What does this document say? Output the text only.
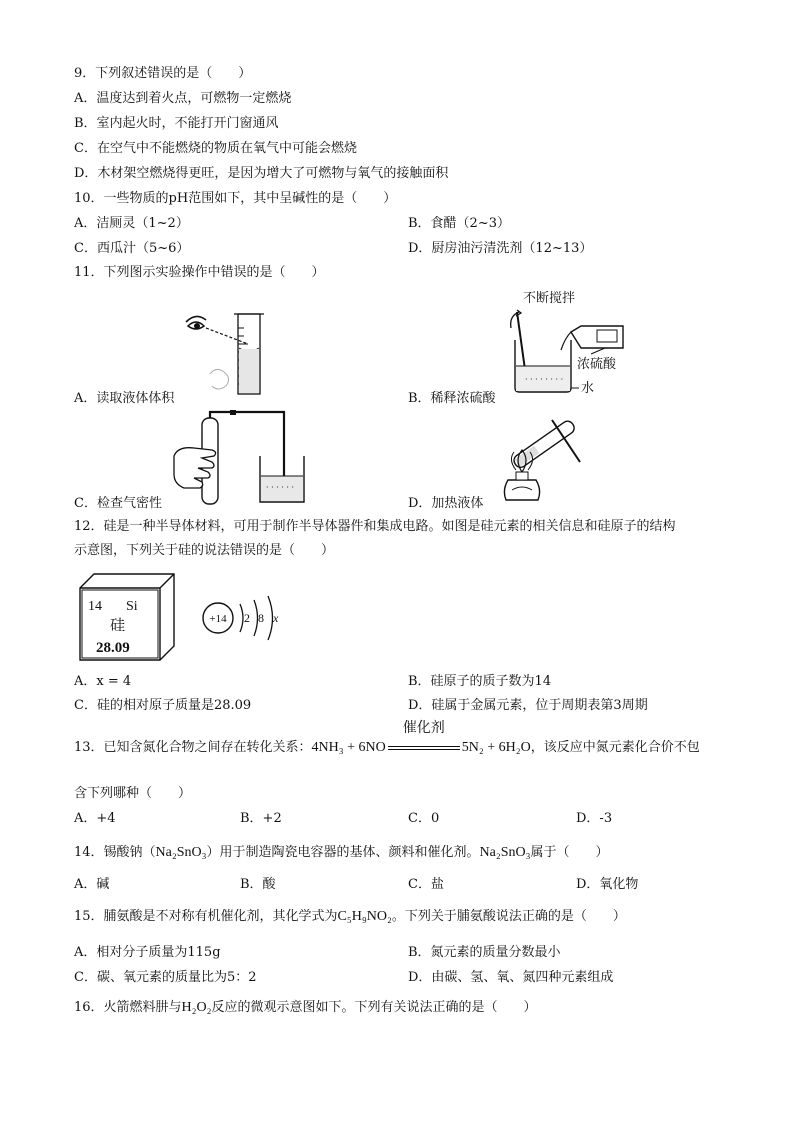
9．下列叙述错误的是（　　）
A．温度达到着火点，可燃物一定燃烧
B．室内起火时，不能打开门窗通风
C．在空气中不能燃烧的物质在氧气中可能会燃烧
D．木材架空燃烧得更旺，是因为增大了可燃物与氧气的接触面积
10．一些物质的pH范围如下，其中呈碱性的是（　　）
A．洁厕灵（1~2）	B．食醋（2~3）
C．西瓜汁（5~6）	D．厨房油污清洗剂（12~13）
11．下列图示实验操作中错误的是（　　）
A．读取液体体积
不断搅拌
· · · · · · · ·
浓硫酸
水
B．稀释浓硫酸
· · · · · ·
C．检查气密性	D．加热液体
12．硅是一种半导体材料，可用于制作半导体器件和集成电路。如图是硅元素的相关信息和硅原子的结构
示意图，下列关于硅的说法错误的是（　　）
14 Si
硅
28.09
+14 2 8 x
A．x = 4	B．硅原子的质子数为14
C．硅的相对原子质量是28.09	D．硅属于金属元素，位于周期表第3周期
13．已知含氮化合物之间存在转化关系：4NH₃ + 6NO
催化剂
5N₂ + 6H₂O，该反应中氮元素化合价不包
含下列哪种（　　）
A．+4	B．+2	C．0	D．-3
14．锡酸钠（Na₂SnO₃）用于制造陶瓷电容器的基体、颜料和催化剂。Na₂SnO₃属于（　　）
A．碱	B．酸	C．盐	D．氧化物
15．脯氨酸是不对称有机催化剂，其化学式为C₅H₉NO₂。下列关于脯氨酸说法正确的是（　　）
A．相对分子质量为115g	B．氮元素的质量分数最小
C．碳、氧元素的质量比为5：2	D．由碳、氢、氧、氮四种元素组成
16．火箭燃料肼与H₂O₂反应的微观示意图如下。下列有关说法正确的是（　　）
